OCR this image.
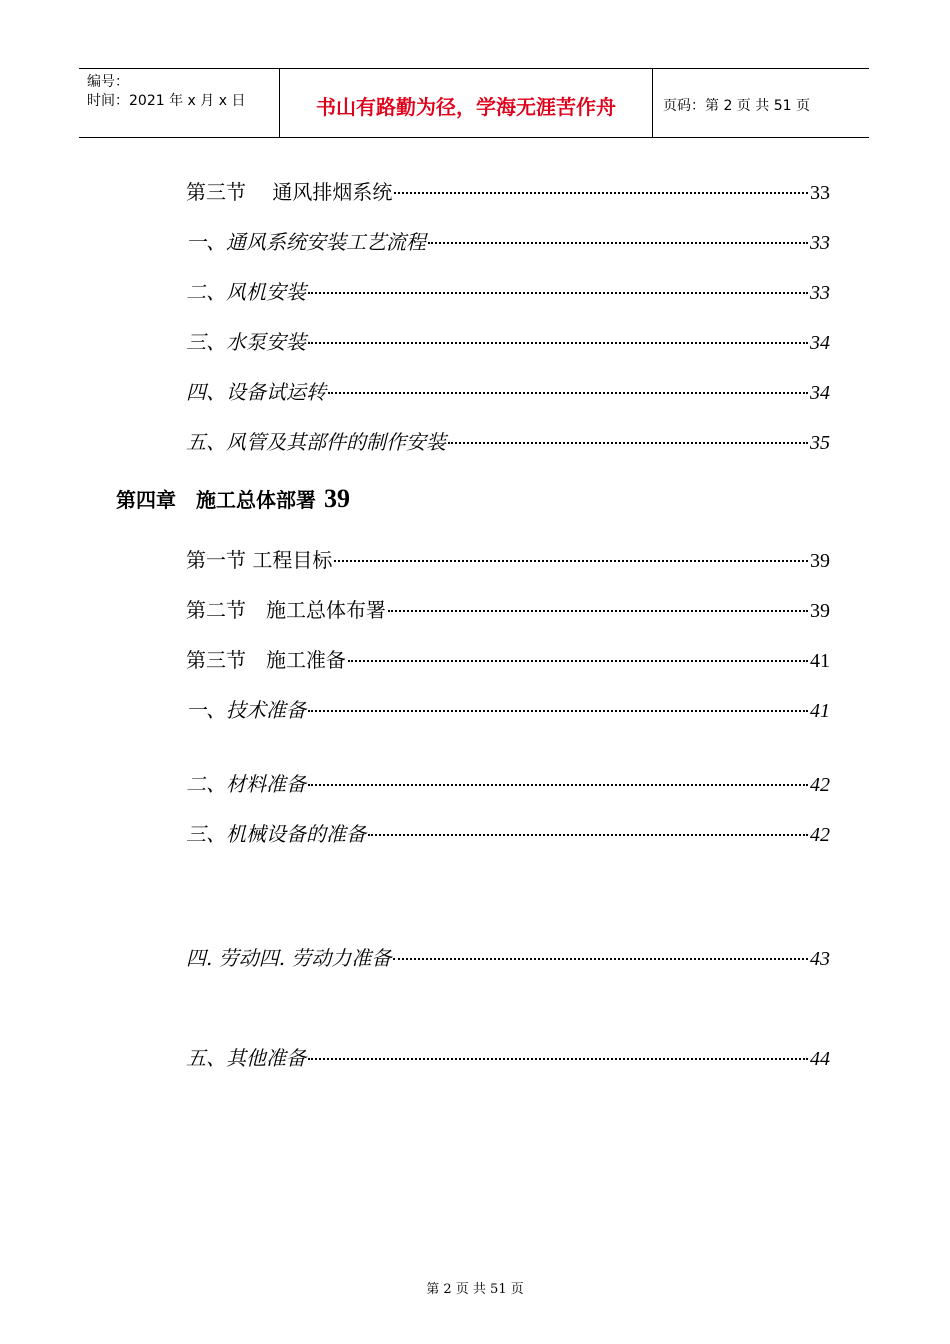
编号：
时间：2021 年 x 月 x 日	书山有路勤为径，学海无涯苦作舟	页码：第 2 页 共 51 页
第三节　 通风排烟系统	33
一、通风系统安装工艺流程	33
二、风机安装	33
三、水泵安装	34
四、设备试运转	34
五、风管及其部件的制作安装	35
第四章　施工总体部署 39
第一节 工程目标	39
第二节　施工总体布署	39
第三节　施工准备	41
一、技术准备	41
二、材料准备	42
三、机械设备的准备	42
四. 劳动四. 劳动力准备	43
五、其他准备	44
第 2 页 共 51 页
